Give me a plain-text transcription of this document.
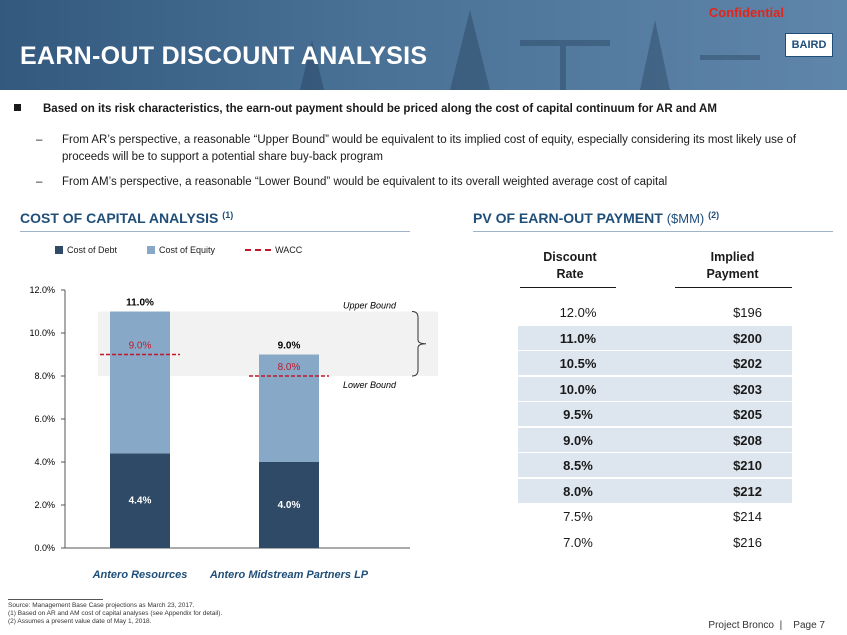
EARN-OUT DISCOUNT ANALYSIS
Confidential
BAIRD
Based on its risk characteristics, the earn-out payment should be priced along the cost of capital continuum for AR and AM
– From AR’s perspective, a reasonable “Upper Bound” would be equivalent to its implied cost of equity, especially considering its most likely use of proceeds will be to support a potential share buy-back program
– From AM’s perspective, a reasonable “Lower Bound” would be equivalent to its overall weighted average cost of capital
COST OF CAPITAL ANALYSIS $^{(1)}$	PV OF EARN-OUT PAYMENT ($MM) $^{(2)}$
Cost of Debt	Cost of Equity	WACC
0.0%
2.0%
4.0%
6.0%
8.0%
10.0%
12.0%
11.0%
4.4%
9.0%
Antero Resources
9.0%
4.0%
8.0%
Antero Midstream Partners LP
Upper Bound
Lower Bound
Discount
Rate
Implied
Payment
12.0%	$196
11.0%	$200
10.5%	$202
10.0%	$203
9.5%	$205
9.0%	$208
8.5%	$210
8.0%	$212
7.5%	$214
7.0%	$216
Source: Management Base Case projections as March 23, 2017.
(1) Based on AR and AM cost of capital analyses (see Appendix for detail).
(2) Assumes a present value date of May 1, 2018.	Project Bronco | Page 7
